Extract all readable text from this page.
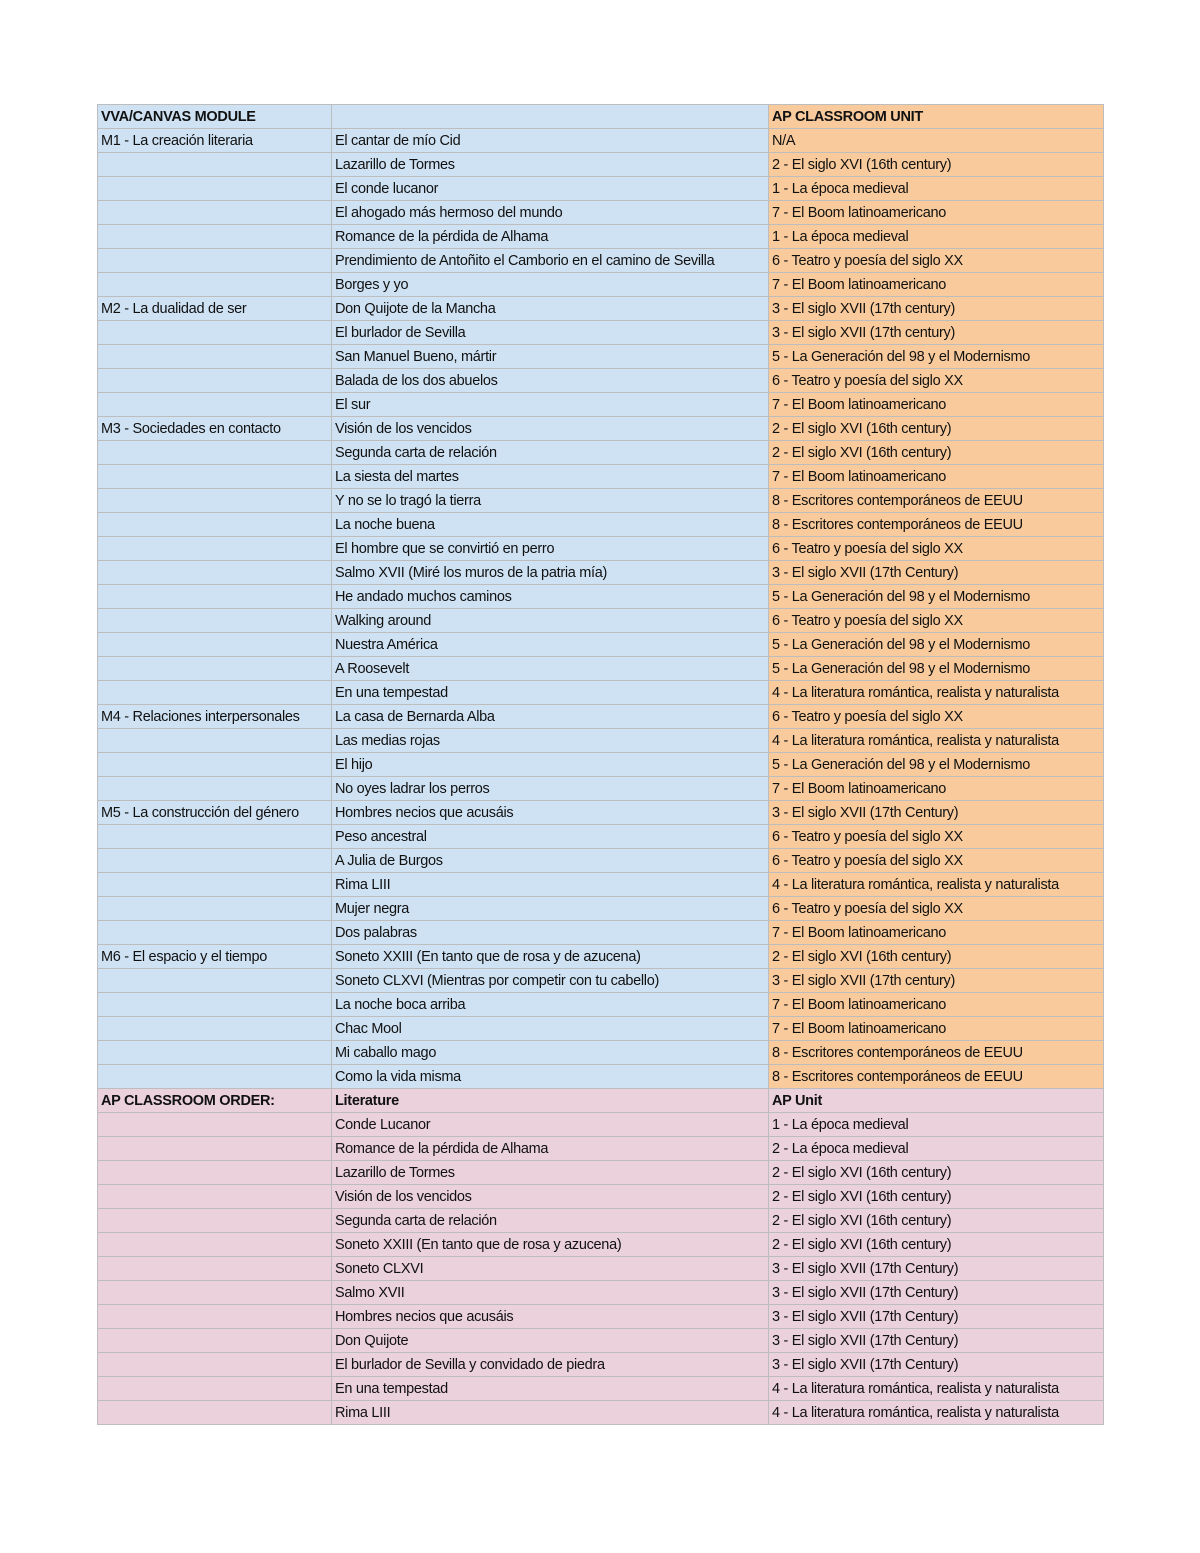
VVA/CANVAS MODULE		AP CLASSROOM UNIT
M1 - La creación literaria	El cantar de mío Cid	N/A
	Lazarillo de Tormes	2 - El siglo XVI (16th century)
	El conde lucanor	1 - La época medieval
	El ahogado más hermoso del mundo	7 - El Boom latinoamericano
	Romance de la pérdida de Alhama	1 - La época medieval
	Prendimiento de Antoñito el Camborio en el camino de Sevilla	6 - Teatro y poesía del siglo XX
	Borges y yo	7 - El Boom latinoamericano
M2 - La dualidad de ser	Don Quijote de la Mancha	3 - El siglo XVII (17th century)
	El burlador de Sevilla	3 - El siglo XVII (17th century)
	San Manuel Bueno, mártir	5 - La Generación del 98 y el Modernismo
	Balada de los dos abuelos	6 - Teatro y poesía del siglo XX
	El sur	7 - El Boom latinoamericano
M3 - Sociedades en contacto	Visión de los vencidos	2 - El siglo XVI (16th century)
	Segunda carta de relación	2 - El siglo XVI (16th century)
	La siesta del martes	7 - El Boom latinoamericano
	Y no se lo tragó la tierra	8 - Escritores contemporáneos de EEUU
	La noche buena	8 - Escritores contemporáneos de EEUU
	El hombre que se convirtió en perro	6 - Teatro y poesía del siglo XX
	Salmo XVII (Miré los muros de la patria mía)	3 - El siglo XVII (17th Century)
	He andado muchos caminos	5 - La Generación del 98 y el Modernismo
	Walking around	6 - Teatro y poesía del siglo XX
	Nuestra América	5 - La Generación del 98 y el Modernismo
	A Roosevelt	5 - La Generación del 98 y el Modernismo
	En una tempestad	4 - La literatura romántica, realista y naturalista
M4 - Relaciones interpersonales	La casa de Bernarda Alba	6 - Teatro y poesía del siglo XX
	Las medias rojas	4 - La literatura romántica, realista y naturalista
	El hijo	5 - La Generación del 98 y el Modernismo
	No oyes ladrar los perros	7 - El Boom latinoamericano
M5 - La construcción del género	Hombres necios que acusáis	3 - El siglo XVII (17th Century)
	Peso ancestral	6 - Teatro y poesía del siglo XX
	A Julia de Burgos	6 - Teatro y poesía del siglo XX
	Rima LIII	4 - La literatura romántica, realista y naturalista
	Mujer negra	6 - Teatro y poesía del siglo XX
	Dos palabras	7 - El Boom latinoamericano
M6 - El espacio y el tiempo	Soneto XXIII (En tanto que de rosa y de azucena)	2 - El siglo XVI (16th century)
	Soneto CLXVI (Mientras por competir con tu cabello)	3 - El siglo XVII (17th century)
	La noche boca arriba	7 - El Boom latinoamericano
	Chac Mool	7 - El Boom latinoamericano
	Mi caballo mago	8 - Escritores contemporáneos de EEUU
	Como la vida misma	8 - Escritores contemporáneos de EEUU
AP CLASSROOM ORDER:	Literature	AP Unit
	Conde Lucanor	1 - La época medieval
	Romance de la pérdida de Alhama	2 - La época medieval
	Lazarillo de Tormes	2 - El siglo XVI (16th century)
	Visión de los vencidos	2 - El siglo XVI (16th century)
	Segunda carta de relación	2 - El siglo XVI (16th century)
	Soneto XXIII (En tanto que de rosa y azucena)	2 - El siglo XVI (16th century)
	Soneto CLXVI	3 - El siglo XVII (17th Century)
	Salmo XVII	3 - El siglo XVII (17th Century)
	Hombres necios que acusáis	3 - El siglo XVII (17th Century)
	Don Quijote	3 - El siglo XVII (17th Century)
	El burlador de Sevilla y convidado de piedra	3 - El siglo XVII (17th Century)
	En una tempestad	4 - La literatura romántica, realista y naturalista
	Rima LIII	4 - La literatura romántica, realista y naturalista
